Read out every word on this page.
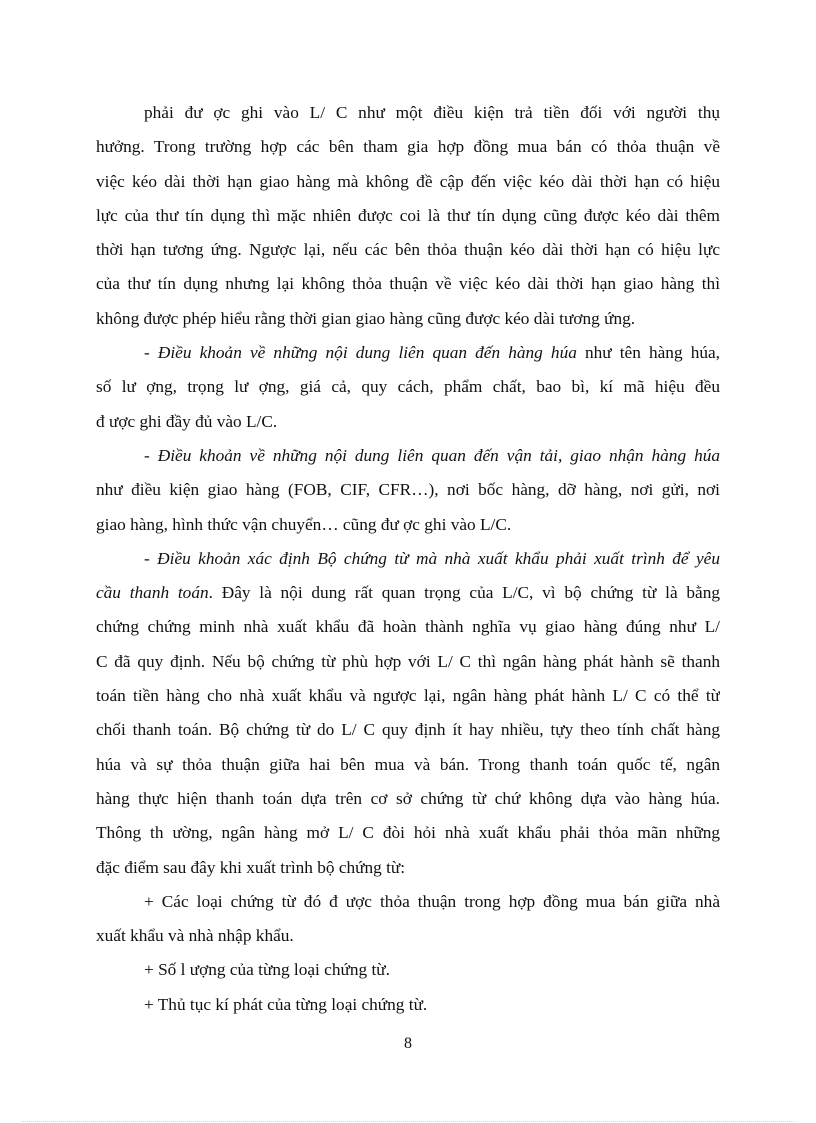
phải đư ợc ghi vào L/ C như một điều kiện trả tiền đối với người thụ
hưởng. Trong trường hợp các bên tham gia hợp đồng mua bán có thỏa thuận về
việc kéo dài thời hạn giao hàng mà không đề cập đến việc kéo dài thời hạn có hiệu
lực của thư tín dụng thì mặc nhiên được coi là thư tín dụng cũng được kéo dài thêm
thời hạn tương ứng. Ngược lại, nếu các bên thỏa thuận kéo dài thời hạn có hiệu lực
của thư tín dụng nhưng lại không thỏa thuận về việc kéo dài thời hạn giao hàng thì
không được phép hiểu rằng thời gian giao hàng cũng được kéo dài tương ứng.
- Điều khoản về những nội dung liên quan đến hàng húa như tên hàng húa,
số lư ợng, trọng lư ợng, giá cả, quy cách, phẩm chất, bao bì, kí mã hiệu đều
đ ược ghi đầy đủ vào L/C.
- Điều khoản về những nội dung liên quan đến vận tải, giao nhận hàng húa
như điều kiện giao hàng (FOB, CIF, CFR…), nơi bốc hàng, dỡ hàng, nơi gửi, nơi
giao hàng, hình thức vận chuyển… cũng đư ợc ghi vào L/C.
- Điều khoản xác định Bộ chứng từ mà nhà xuất khẩu phải xuất trình để yêu
cầu thanh toán. Đây là nội dung rất quan trọng của L/C, vì bộ chứng từ là bằng
chứng chứng minh nhà xuất khẩu đã hoàn thành nghĩa vụ giao hàng đúng như L/
C đã quy định. Nếu bộ chứng từ phù hợp với L/ C thì ngân hàng phát hành sẽ thanh
toán tiền hàng cho nhà xuất khẩu và ngược lại, ngân hàng phát hành L/ C có thể từ
chối thanh toán. Bộ chứng từ do L/ C quy định ít hay nhiều, tựy theo tính chất hàng
húa và sự thỏa thuận giữa hai bên mua và bán. Trong thanh toán quốc tế, ngân
hàng thực hiện thanh toán dựa trên cơ sở chứng từ chứ không dựa vào hàng húa.
Thông th ường, ngân hàng mở L/ C đòi hỏi nhà xuất khẩu phải thỏa mãn những
đặc điểm sau đây khi xuất trình bộ chứng từ:
+ Các loại chứng từ đó đ ược thỏa thuận trong hợp đồng mua bán giữa nhà
xuất khẩu và nhà nhập khẩu.
+ Số l ượng của từng loại chứng từ.
+ Thủ tục kí phát của từng loại chứng từ.
8
